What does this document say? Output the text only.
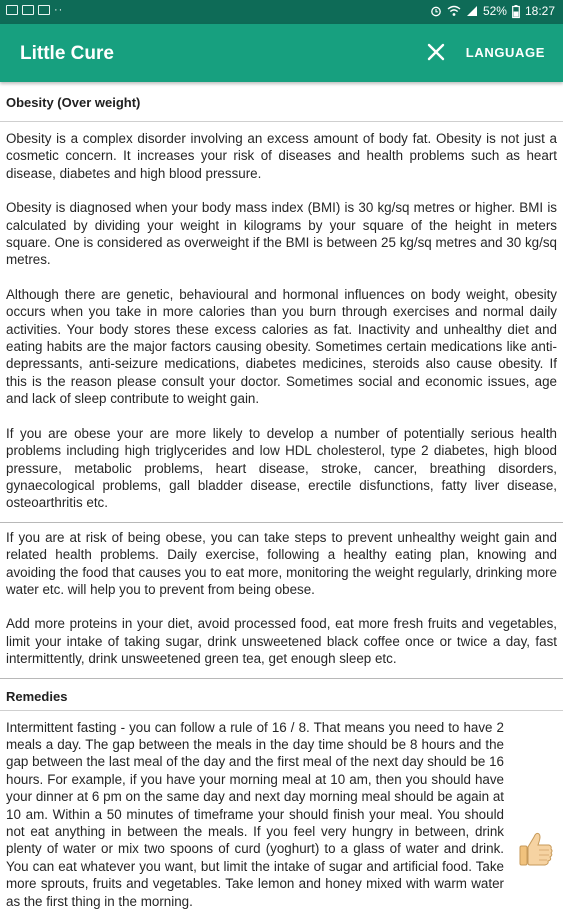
··	52% 18:27
Little Cure	LANGUAGE
Obesity (Over weight)

Obesity is a complex disorder involving an excess amount of body fat. Obesity is not just a cosmetic concern. It increases your risk of diseases and health problems such as heart disease, diabetes and high blood pressure.

Obesity is diagnosed when your body mass index (BMI) is 30 kg/sq metres or higher. BMI is calculated by dividing your weight in kilograms by your square of the height in meters square. One is considered as overweight if the BMI is between 25 kg/sq metres and 30 kg/sq metres.

Although there are genetic, behavioural and hormonal influences on body weight, obesity occurs when you take in more calories than you burn through exercises and normal daily activities. Your body stores these excess calories as fat. Inactivity and unhealthy diet and eating habits are the major factors causing obesity. Sometimes certain medications like anti-depressants, anti-seizure medications, diabetes medicines, steroids also cause obesity. If this is the reason please consult your doctor. Sometimes social and economic issues, age and lack of sleep contribute to weight gain.

If you are obese your are more likely to develop a number of potentially serious health problems including high triglycerides and low HDL cholesterol, type 2 diabetes, high blood pressure, metabolic problems, heart disease, stroke, cancer, breathing disorders, gynaecological problems, gall bladder disease, erectile disfunctions, fatty liver disease, osteoarthritis etc.

If you are at risk of being obese, you can take steps to prevent unhealthy weight gain and related health problems. Daily exercise, following a healthy eating plan, knowing and avoiding the food that causes you to eat more, monitoring the weight regularly, drinking more water etc. will help you to prevent from being obese.

Add more proteins in your diet, avoid processed food, eat more fresh fruits and vegetables, limit your intake of taking sugar, drink unsweetened black coffee once or twice a day, fast intermittently, drink unsweetened green tea, get enough sleep etc.

Remedies
Intermittent fasting - you can follow a rule of 16 / 8. That means you need to have 2 meals a day. The gap between the meals in the day time should be 8 hours and the gap between the last meal of the day and the first meal of the next day should be 16 hours. For example, if you have your morning meal at 10 am, then you should have your dinner at 6 pm on the same day and next day morning meal should be again at 10 am. Within a 50 minutes of timeframe your should finish your meal. You should not eat anything in between the meals. If you feel very hungry in between, drink plenty of water or mix two spoons of curd (yoghurt) to a glass of water and drink. You can eat whatever you want, but limit the intake of sugar and artificial food. Take more sprouts, fruits and vegetables. Take lemon and honey mixed with warm water as the first thing in the morning.
